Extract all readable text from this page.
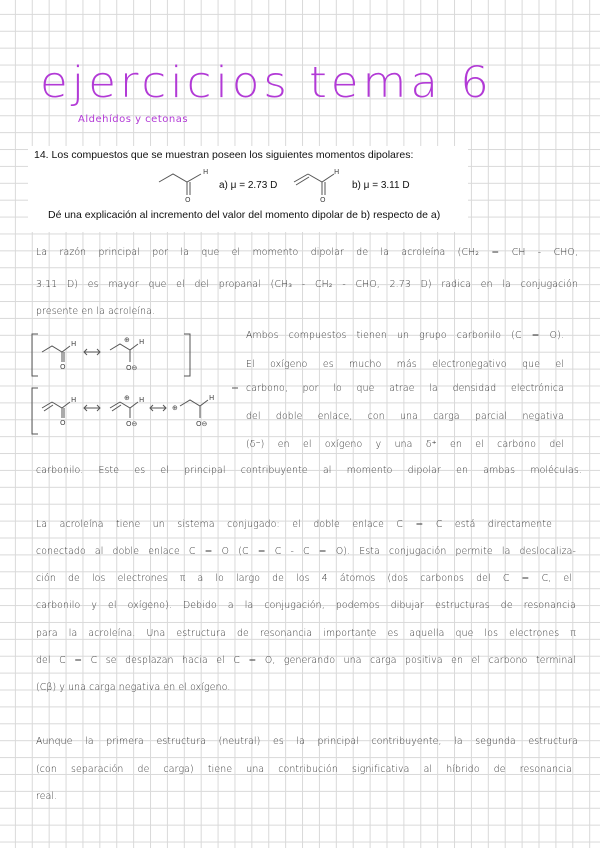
ejercicios tema 6
Aldehídos y cetonas
14. Los compuestos que se muestran poseen los siguientes momentos dipolares:
H
O
a) μ = 2.73 D
H
O
b) μ = 3.11 D
Dé una explicación al incremento del valor del momento dipolar de b) respecto de a)
La razón principal por la que el momento dipolar de la acroleína (CH₂ = CH - CHO,
3.11 D) es mayor que el del propanal (CH₃ - CH₂ - CHO, 2.73 D) radica en la conjugación
presente en la acroleína.
H
O
⊕ H
O⊖
H
O
⊕ H
O⊖
⊕
H
O⊖
Ambos compuestos tienen un grupo carbonilo (C = O).
El oxígeno es mucho más electronegativo que el
carbono, por lo que atrae la densidad electrónica
del doble enlace, con una carga parcial negativa
(δ⁻) en el oxígeno y una δ⁺ en el carbono del
carbonilo. Este es el principal contribuyente al momento dipolar en ambas moléculas.
La acroleína tiene un sistema conjugado: el doble enlace C = C está directamente
conectado al doble enlace C = O (C = C - C = O). Esta conjugación permite la deslocaliza-
ción de los electrones π a lo largo de los 4 átomos (dos carbonos del C = C, el
carbonilo y el oxígeno). Debido a la conjugación, podemos dibujar estructuras de resonancia
para la acroleína. Una estructura de resonancia importante es aquella que los electrones π
del C = C se desplazan hacia el C = O, generando una carga positiva en el carbono terminal
(Cβ) y una carga negativa en el oxígeno.
Aunque la primera estructura (neutral) es la principal contribuyente, la segunda estructura
(con separación de carga) tiene una contribución significativa al híbrido de resonancia
real.
